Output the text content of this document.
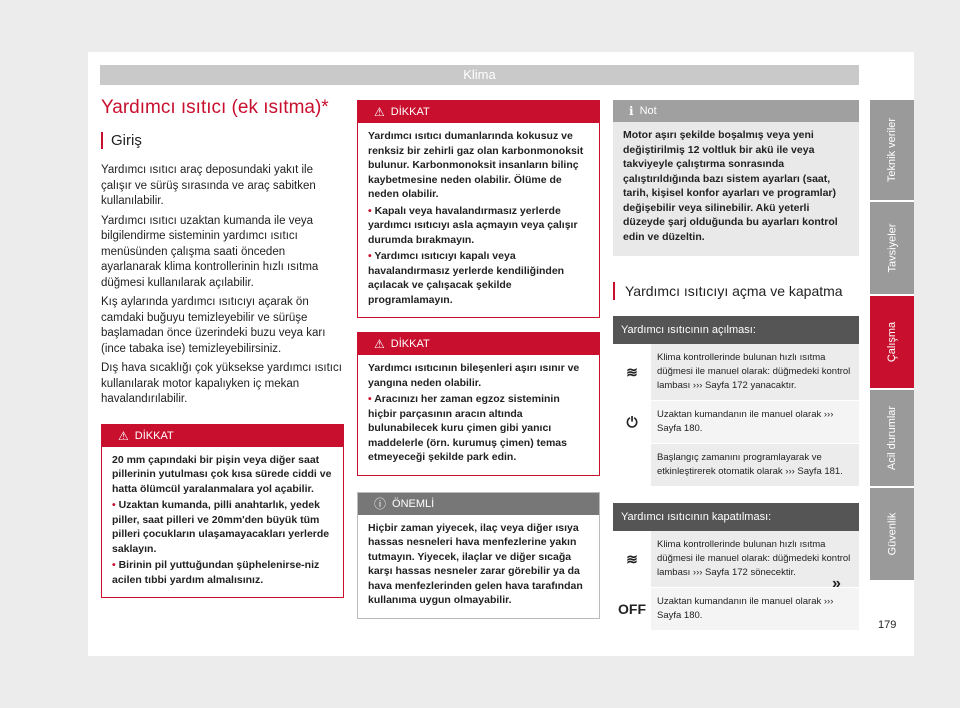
Klima
Yardımcı ısıtıcı (ek ısıtma)*
Giriş

Yardımcı ısıtıcı araç deposundaki yakıt ile çalışır ve sürüş sırasında ve araç sabitken kullanılabilir.

Yardımcı ısıtıcı uzaktan kumanda ile veya bilgilendirme sisteminin yardımcı ısıtıcı menüsünden çalışma saati önceden ayarlanarak klima kontrollerinin hızlı ısıtma düğmesi kullanılarak açılabilir.

Kış aylarında yardımcı ısıtıcıyı açarak ön camdaki buğuyu temizleyebilir ve sürüşe başlamadan önce üzerindeki buzu veya karı (ince tabaka ise) temizleyebilirsiniz.

Dış hava sıcaklığı çok yüksekse yardımcı ısıtıcı kullanılarak motor kapalıyken iç mekan havalandırılabilir.

⚠ DİKKAT

20 mm çapındaki bir pişin veya diğer saat pillerinin yutulması çok kısa sürede ciddi ve hatta ölümcül yaralanmalara yol açabilir.

• Uzaktan kumanda, pilli anahtarlık, yedek piller, saat pilleri ve 20mm'den büyük tüm pilleri çocukların ulaşamayacakları yerlerde saklayın.

• Birinin pil yuttuğundan şüphelenirse-niz acilen tıbbi yardım almalısınız.

⚠ DİKKAT

Yardımcı ısıtıcı dumanlarında kokusuz ve renksiz bir zehirli gaz olan karbonmonoksit bulunur. Karbonmonoksit insanların bilinç kaybetmesine neden olabilir. Ölüme de neden olabilir.

• Kapalı veya havalandırmasız yerlerde yardımcı ısıtıcıyı asla açmayın veya çalışır durumda bırakmayın.

• Yardımcı ısıtıcıyı kapalı veya havalandırmasız yerlerde kendiliğinden açılacak ve çalışacak şekilde programlamayın.

⚠ DİKKAT

Yardımcı ısıtıcının bileşenleri aşırı ısınır ve yangına neden olabilir.

• Aracınızı her zaman egzoz sisteminin hiçbir parçasının aracın altında bulunabilecek kuru çimen gibi yanıcı maddelerle (örn. kurumuş çimen) temas etmeyeceği şekilde park edin.

ⓘ ÖNEMLİ

Hiçbir zaman yiyecek, ilaç veya diğer ısıya hassas nesneleri hava menfezlerine yakın tutmayın. Yiyecek, ilaçlar ve diğer sıcağa karşı hassas nesneler zarar görebilir ya da hava menfezlerinden gelen hava tarafından kullanıma uygun olmayabilir.

ℹ Not

Motor aşırı şekilde boşalmış veya yeni değiştirilmiş 12 voltluk bir akü ile veya takviyeyle çalıştırma sonrasında çalıştırıldığında bazı sistem ayarları (saat, tarih, kişisel konfor ayarları ve programlar) değişebilir veya silinebilir. Akü yeterli düzeyde şarj olduğunda bu ayarları kontrol edin ve düzeltin.

Yardımcı ısıtıcıyı açma ve kapatma
Yardımcı ısıtıcının açılması:
≋
Klima kontrollerinde bulunan hızlı ısıtma düğmesi ile manuel olarak: düğmedeki kontrol lambası ››› Sayfa 172 yanacaktır.
⏻	Uzaktan kumandanın ile manuel olarak ››› Sayfa 180.
Başlangıç zamanını programlayarak ve etkinleştirerek otomatik olarak ››› Sayfa 181.
Yardımcı ısıtıcının kapatılması:
≋
Klima kontrollerinde bulunan hızlı ısıtma düğmesi ile manuel olarak: düğmedeki kontrol lambası ››› Sayfa 172 sönecektir.
OFF	Uzaktan kumandanın ile manuel olarak ››› Sayfa 180.
»
Teknik veriler
Tavsiyeler
Çalışma
Acil durumlar
Güvenlik
179
